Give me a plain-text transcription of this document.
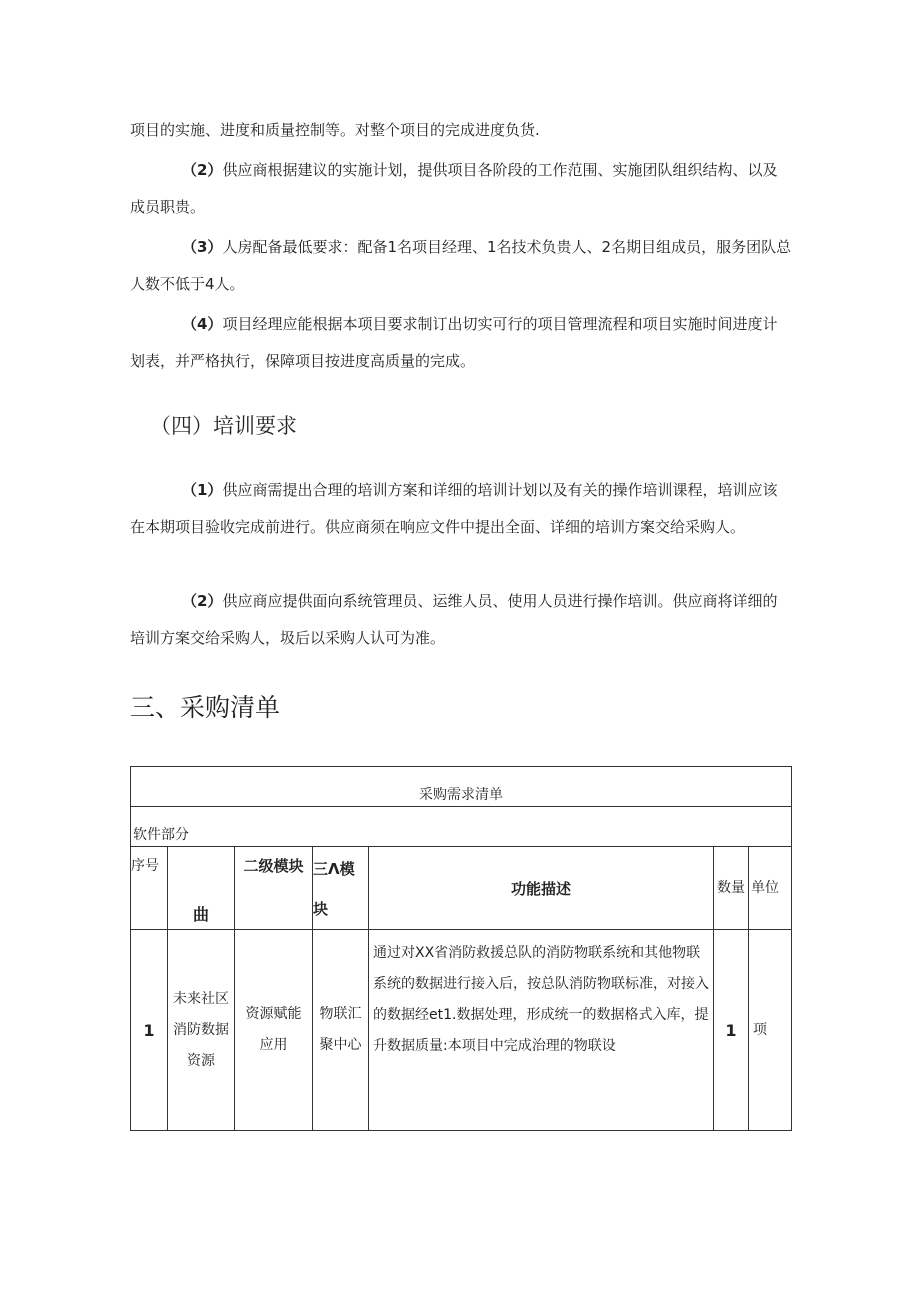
项目的实施、进度和质量控制等。对整个项目的完成进度负货.

（2）供应商根据建议的实施计划，提供项目各阶段的工作范围、实施团队组织结构、以及成员职贵。

（3）人房配备最低要求：配备1名项目经理、1名技术负贵人、2名期目组成员，服务团队总人数不低于4人。

（4）项目经理应能根据本项目要求制订出切实可行的项目管理流程和项目实施时间进度计划表，并严格执行，保障项目按进度高质量的完成。

（四）培训要求

（1）供应商需提出合理的培训方案和详细的培训计划以及有关的操作培训课程，培训应该在本期项目验收完成前进行。供应商须在响应文件中提出全面、详细的培训方案交给采购人。

（2）供应商应提供面向系统管理员、运维人员、使用人员进行操作培训。供应商将详细的培训方案交给采购人，圾后以采购人认可为准。

三、采购清单
采购需求清单						
软件部分						
序号	曲	二级模块	三Λ模块	功能描述	数量	单位
1	未来社区消防数据资源	资源赋能应用	物联汇聚中心	通过对XX省消防救援总队的消防物联系统和其他物联系统的数据进行接入后，按总队消防物联标准，对接入的数据经et1.数据处理，形成统一的数据格式入库，提升数据质量:本项目中完成治理的物联设	1	项
